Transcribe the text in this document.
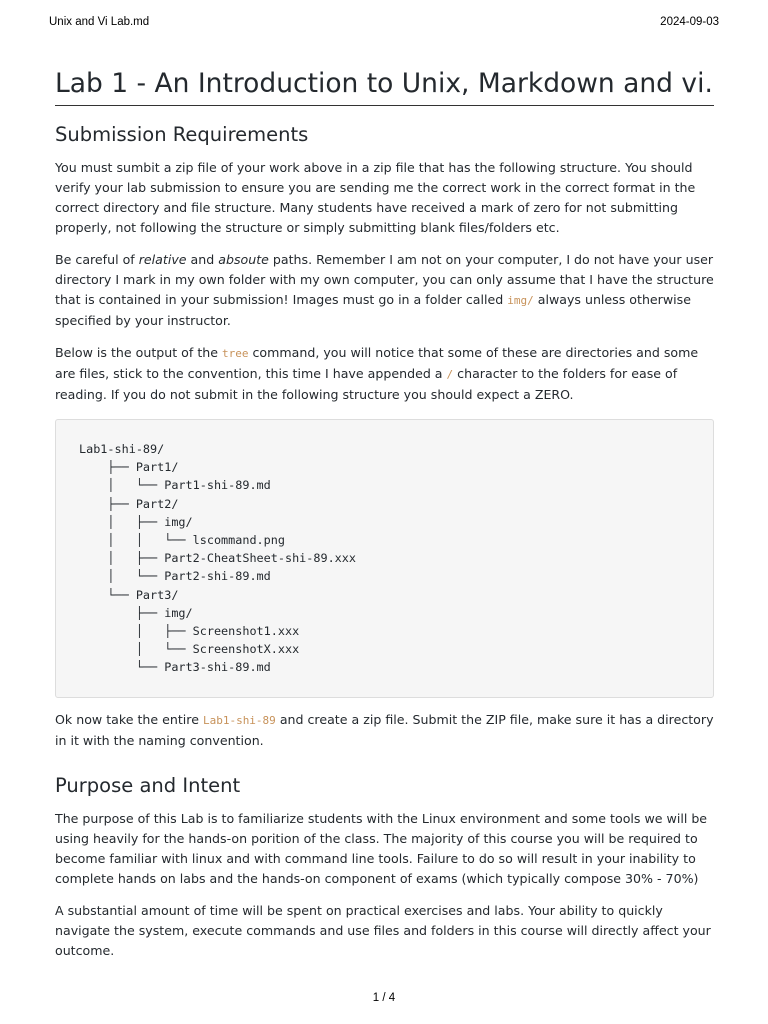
Unix and Vi Lab.md	2024-09-03
Lab 1 - An Introduction to Unix, Markdown and vi.
Submission Requirements

You must sumbit a zip file of your work above in a zip file that has the following structure. You should verify your lab submission to ensure you are sending me the correct work in the correct format in the correct directory and file structure. Many students have received a mark of zero for not submitting properly, not following the structure or simply submitting blank files/folders etc.

Be careful of relative and absoute paths. Remember I am not on your computer, I do not have your user directory I mark in my own folder with my own computer, you can only assume that I have the structure that is contained in your submission! Images must go in a folder called img/ always unless otherwise specified by your instructor.

Below is the output of the tree command, you will notice that some of these are directories and some are files, stick to the convention, this time I have appended a / character to the folders for ease of reading. If you do not submit in the following structure you should expect a ZERO.

Lab1-shi-89/
├── Part1/
│   └── Part1-shi-89.md
├── Part2/
│   ├── img/
│   │   └── lscommand.png
│   ├── Part2-CheatSheet-shi-89.xxx
│   └── Part2-shi-89.md
└── Part3/
├── img/
│   ├── Screenshot1.xxx
│   └── ScreenshotX.xxx
└── Part3-shi-89.md

Ok now take the entire Lab1-shi-89 and create a zip file. Submit the ZIP file, make sure it has a directory in it with the naming convention.

Purpose and Intent

The purpose of this Lab is to familiarize students with the Linux environment and some tools we will be using heavily for the hands-on porition of the class. The majority of this course you will be required to become familiar with linux and with command line tools. Failure to do so will result in your inability to complete hands on labs and the hands-on component of exams (which typically compose 30% - 70%)

A substantial amount of time will be spent on practical exercises and labs. Your ability to quickly navigate the system, execute commands and use files and folders in this course will directly affect your outcome.

1 / 4
